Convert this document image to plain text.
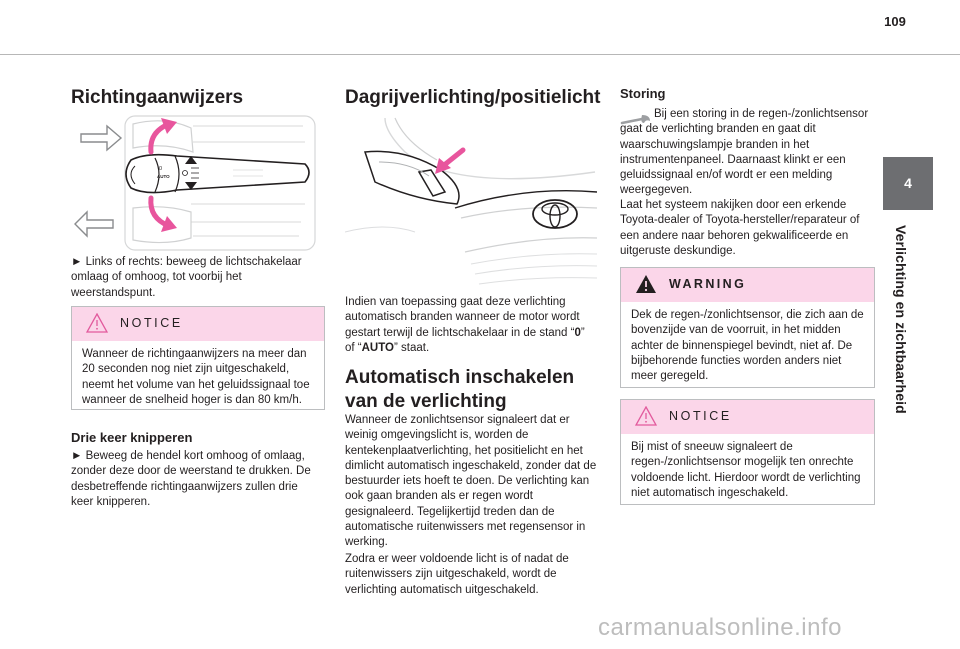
109
4
Verlichting en zichtbaarheid
Richtingaanwijzers
0
AUTO

► Links of rechts: beweeg de lichtschakelaar omlaag of omhoog, tot voorbij het weerstandspunt.

NOTICE
Wanneer de richtingaanwijzers na meer dan 20 seconden nog niet zijn uitgeschakeld, neemt het volume van het geluidssignaal toe wanneer de snelheid hoger is dan 80 km/h.
Drie keer knipperen

► Beweeg de hendel kort omhoog of omlaag, zonder deze door de weerstand te drukken. De desbetreffende richtingaanwijzers zullen drie keer knipperen.

Dagrijverlichting/positielicht

Indien van toepassing gaat deze verlichting automatisch branden wanneer de motor wordt gestart terwijl de lichtschakelaar in de stand “0” of “AUTO” staat.

Automatisch inschakelen van de verlichting

Wanneer de zonlichtsensor signaleert dat er weinig omgevingslicht is, worden de kentekenplaatverlichting, het positielicht en het dimlicht automatisch ingeschakeld, zonder dat de bestuurder iets hoeft te doen. De verlichting kan ook gaan branden als er regen wordt gesignaleerd. Tegelijkertijd treden dan de automatische ruitenwissers met regensensor in werking.

Zodra er weer voldoende licht is of nadat de ruitenwissers zijn uitgeschakeld, wordt de verlichting automatisch uitgeschakeld.

Storing

Bij een storing in de regen-/zonlichtsensor gaat de verlichting branden en gaat dit waarschuwingslampje branden in het instrumentenpaneel. Daarnaast klinkt er een geluidssignaal en/of wordt er een melding weergegeven.

Laat het systeem nakijken door een erkende Toyota-dealer of Toyota-hersteller/reparateur of een andere naar behoren gekwalificeerde en uitgeruste deskundige.

WARNING
Dek de regen-/zonlichtsensor, die zich aan de bovenzijde van de voorruit, in het midden achter de binnenspiegel bevindt, niet af. De bijbehorende functies worden anders niet meer geregeld.
NOTICE
Bij mist of sneeuw signaleert de regen-/zonlichtsensor mogelijk ten onrechte voldoende licht. Hierdoor wordt de verlichting niet automatisch ingeschakeld.
carmanualsonline.info
